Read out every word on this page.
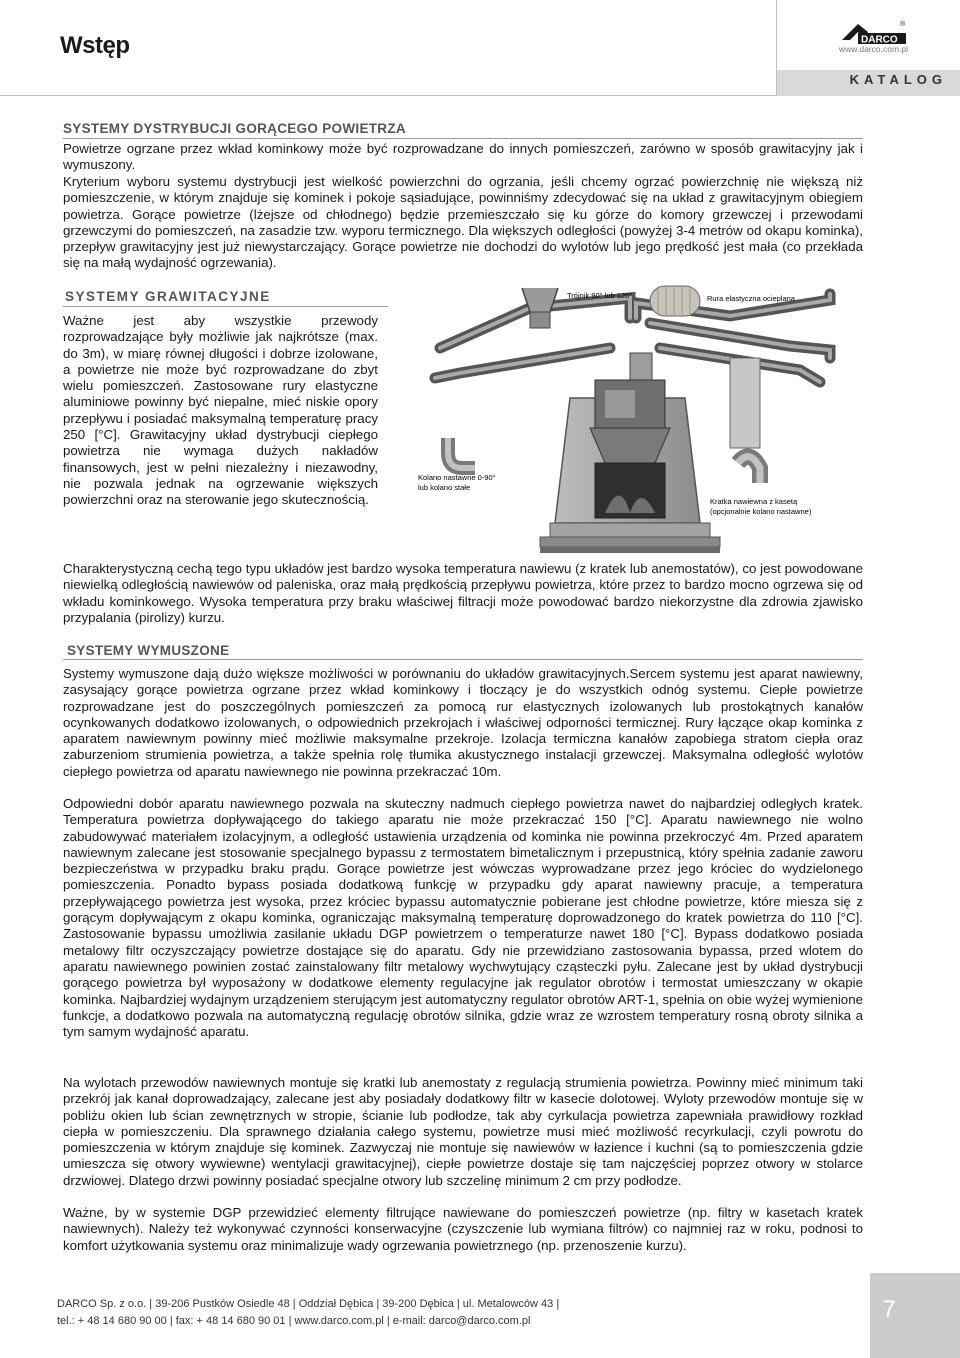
Wstęp
KATALOG
DARCO
®
www.darco.com.pl
SYSTEMY DYSTRYBUCJI GORĄCEGO POWIETRZA

Powietrze ogrzane przez wkład kominkowy może być rozprowadzane do innych pomieszczeń, zarówno w sposób grawitacyjny jak i wymuszony.

Kryterium wyboru systemu dystrybucji jest wielkość powierzchni do ogrzania, jeśli chcemy ogrzać powierzchnię nie większą niż pomieszczenie, w którym znajduje się kominek i pokoje sąsiadujące, powinniśmy zdecydować się na układ z grawitacyjnym obiegiem powietrza. Gorące powietrze (lżejsze od chłodnego) będzie przemieszczało się ku górze do komory grzewczej i przewodami grzewczymi do pomieszczeń, na zasadzie tzw. wyporu termicznego. Dla większych odległości (powyżej 3-4 metrów od okapu kominka), przepływ grawitacyjny jest już niewystarczający. Gorące powietrze nie dochodzi do wylotów lub jego prędkość jest mała (co przekłada się na małą wydajność ogrzewania).

SYSTEMY GRAWITACYJNE

Ważne jest aby wszystkie przewody rozprowadzające były możliwie jak najkrótsze (max. do 3m), w miarę równej długości i dobrze izolowane, a powietrze nie może być rozprowadzane do zbyt wielu pomieszczeń. Zastosowane rury elastyczne aluminiowe powinny być niepalne, mieć niskie opory przepływu i posiadać maksymalną temperaturę pracy 250 [°C]. Grawitacyjny układ dystrybucji ciepłego powietrza nie wymaga dużych nakładów finansowych, jest w pełni niezależny i niezawodny, nie pozwala jednak na ogrzewanie większych powierzchni oraz na sterowanie jego skutecznością.

Trójnik 90° lub 120°	Rura elastyczna ocieplana
Kolano nastawne 0-90°
lub kolano stałe
Kratka nawiewna z kasetą
(opcjonalnie kolano nastawne)

Charakterystyczną cechą tego typu układów jest bardzo wysoka temperatura nawiewu (z kratek lub anemostatów), co jest powodowane niewielką odległością nawiewów od paleniska, oraz małą prędkością przepływu powietrza, które przez to bardzo mocno ogrzewa się od wkładu kominkowego. Wysoka temperatura przy braku właściwej filtracji może powodować bardzo niekorzystne dla zdrowia zjawisko przypalania (pirolizy) kurzu.

SYSTEMY WYMUSZONE

Systemy wymuszone dają dużo większe możliwości w porównaniu do układów grawitacyjnych.Sercem systemu jest aparat nawiewny, zasysający gorące powietrza ogrzane przez wkład kominkowy i tłoczący je do wszystkich odnóg systemu. Ciepłe powietrze rozprowadzane jest do poszczególnych pomieszczeń za pomocą rur elastycznych izolowanych lub prostokątnych kanałów ocynkowanych dodatkowo izolowanych, o odpowiednich przekrojach i właściwej odporności termicznej. Rury łączące okap kominka z aparatem nawiewnym powinny mieć możliwie maksymalne przekroje. Izolacja termiczna kanałów zapobiega stratom ciepła oraz zaburzeniom strumienia powietrza, a także spełnia rolę tłumika akustycznego instalacji grzewczej. Maksymalna odległość wylotów ciepłego powietrza od aparatu nawiewnego nie powinna przekraczać 10m.

Odpowiedni dobór aparatu nawiewnego pozwala na skuteczny nadmuch ciepłego powietrza nawet do najbardziej odległych kratek. Temperatura powietrza dopływającego do takiego aparatu nie może przekraczać 150 [°C]. Aparatu nawiewnego nie wolno zabudowywać materiałem izolacyjnym, a odległość ustawienia urządzenia od kominka nie powinna przekroczyć 4m. Przed aparatem nawiewnym zalecane jest stosowanie specjalnego bypassu z termostatem bimetalicznym i przepustnicą, który spełnia zadanie zaworu bezpieczeństwa w przypadku braku prądu. Gorące powietrze jest wówczas wyprowadzane przez jego króciec do wydzielonego pomieszczenia. Ponadto bypass posiada dodatkową funkcję w przypadku gdy aparat nawiewny pracuje, a temperatura przepływającego powietrza jest wysoka, przez króciec bypassu automatycznie pobierane jest chłodne powietrze, które miesza się z gorącym dopływającym z okapu kominka, ograniczając maksymalną temperaturę doprowadzonego do kratek powietrza do 110 [°C]. Zastosowanie bypassu umożliwia zasilanie układu DGP powietrzem o temperaturze nawet 180 [°C]. Bypass dodatkowo posiada metalowy filtr oczyszczający powietrze dostające się do aparatu. Gdy nie przewidziano zastosowania bypassa, przed wlotem do aparatu nawiewnego powinien zostać zainstalowany filtr metalowy wychwytujący cząsteczki pyłu. Zalecane jest by układ dystrybucji gorącego powietrza był wyposażony w dodatkowe elementy regulacyjne jak regulator obrotów i termostat umieszczany w okapie kominka. Najbardziej wydajnym urządzeniem sterującym jest automatyczny regulator obrotów ART-1, spełnia on obie wyżej wymienione funkcje, a dodatkowo pozwala na automatyczną regulację obrotów silnika, gdzie wraz ze wzrostem temperatury rosną obroty silnika a tym samym wydajność aparatu.

Na wylotach przewodów nawiewnych montuje się kratki lub anemostaty z regulacją strumienia powietrza. Powinny mieć minimum taki przekrój jak kanał doprowadzający, zalecane jest aby posiadały dodatkowy filtr w kasecie dolotowej. Wyloty przewodów montuje się w pobliżu okien lub ścian zewnętrznych w stropie, ścianie lub podłodze, tak aby cyrkulacja powietrza zapewniała prawidłowy rozkład ciepła w pomieszczeniu. Dla sprawnego działania całego systemu, powietrze musi mieć możliwość recyrkulacji, czyli powrotu do pomieszczenia w którym znajduje się kominek. Zazwyczaj nie montuje się nawiewów w łazience i kuchni (są to pomieszczenia gdzie umieszcza się otwory wywiewne) wentylacji grawitacyjnej), ciepłe powietrze dostaje się tam najczęściej poprzez otwory w stolarce drzwiowej. Dlatego drzwi powinny posiadać specjalne otwory lub szczelinę minimum 2 cm przy podłodze.

Ważne, by w systemie DGP przewidzieć elementy filtrujące nawiewane do pomieszczeń powietrze (np. filtry w kasetach kratek nawiewnych). Należy też wykonywać czynności konserwacyjne (czyszczenie lub wymiana filtrów) co najmniej raz w roku, podnosi to komfort użytkowania systemu oraz minimalizuje wady ogrzewania powietrznego (np. przenoszenie kurzu).

DARCO Sp. z o.o. | 39-206 Pustków Osiedle 48 | Oddział Dębica | 39-200 Dębica | ul. Metalowców 43 |
tel.: + 48 14 680 90 00 | fax: + 48 14 680 90 01 | www.darco.com.pl | e-mail: darco@darco.com.pl	7
